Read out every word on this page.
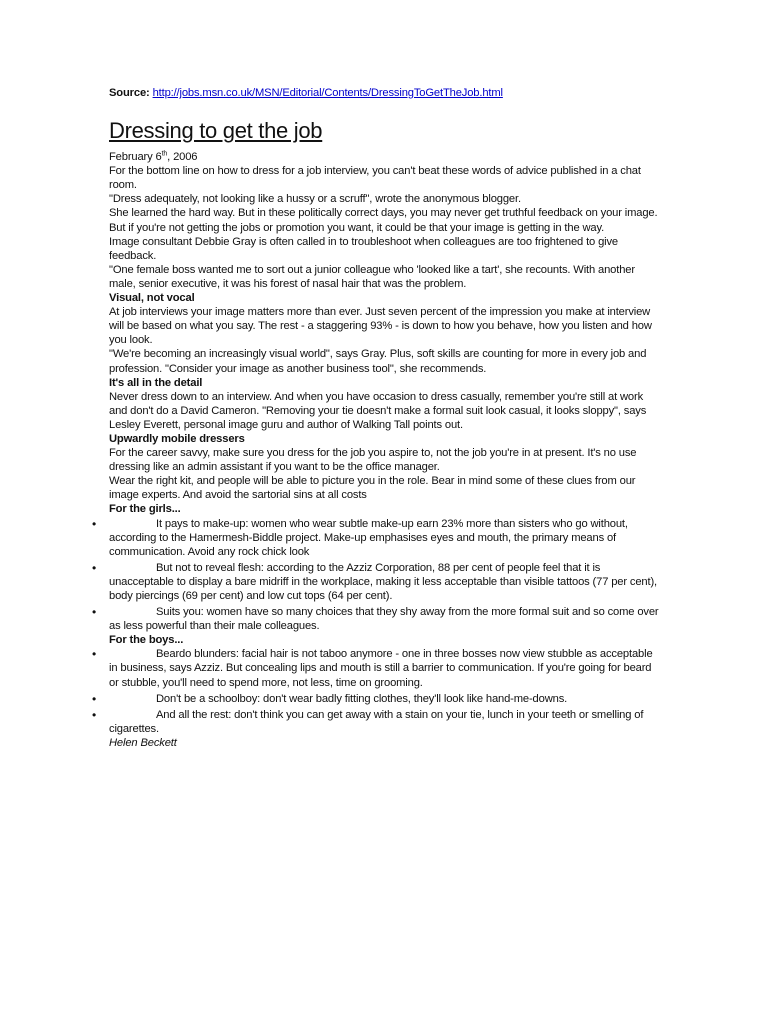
Source: http://jobs.msn.co.uk/MSN/Editorial/Contents/DressingToGetTheJob.html
Dressing to get the job

February 6th, 2006

For the bottom line on how to dress for a job interview, you can't beat these words of advice published in a chat room.

"Dress adequately, not looking like a hussy or a scruff", wrote the anonymous blogger.

She learned the hard way. But in these politically correct days, you may never get truthful feedback on your image.

But if you're not getting the jobs or promotion you want, it could be that your image is getting in the way.

Image consultant Debbie Gray is often called in to troubleshoot when colleagues are too frightened to give feedback.

"One female boss wanted me to sort out a junior colleague who 'looked like a tart', she recounts. With another male, senior executive, it was his forest of nasal hair that was the problem.

Visual, not vocal

At job interviews your image matters more than ever. Just seven percent of the impression you make at interview will be based on what you say. The rest - a staggering 93% - is down to how you behave, how you listen and how you look.

"We're becoming an increasingly visual world", says Gray. Plus, soft skills are counting for more in every job and profession. "Consider your image as another business tool", she recommends.

It's all in the detail

Never dress down to an interview. And when you have occasion to dress casually, remember you're still at work and don't do a David Cameron. "Removing your tie doesn't make a formal suit look casual, it looks sloppy", says Lesley Everett, personal image guru and author of Walking Tall points out.

Upwardly mobile dressers

For the career savvy, make sure you dress for the job you aspire to, not the job you're in at present. It's no use dressing like an admin assistant if you want to be the office manager.

Wear the right kit, and people will be able to picture you in the role. Bear in mind some of these clues from our image experts. And avoid the sartorial sins at all costs

For the girls...

•	It pays to make-up: women who wear subtle make-up earn 23% more than sisters who go without, according to the Hamermesh-Biddle project. Make-up emphasises eyes and mouth, the primary means of communication. Avoid any rock chick look
•	But not to reveal flesh: according to the Azziz Corporation, 88 per cent of people feel that it is unacceptable to display a bare midriff in the workplace, making it less acceptable than visible tattoos (77 per cent), body piercings (69 per cent) and low cut tops (64 per cent).
•	Suits you: women have so many choices that they shy away from the more formal suit and so come over as less powerful than their male colleagues.

For the boys...

•	Beardo blunders: facial hair is not taboo anymore - one in three bosses now view stubble as acceptable in business, says Azziz. But concealing lips and mouth is still a barrier to communication. If you're going for beard or stubble, you'll need to spend more, not less, time on grooming.
•	Don't be a schoolboy: don't wear badly fitting clothes, they'll look like hand-me-downs.
•	And all the rest: don't think you can get away with a stain on your tie, lunch in your teeth or smelling of cigarettes.

Helen Beckett
